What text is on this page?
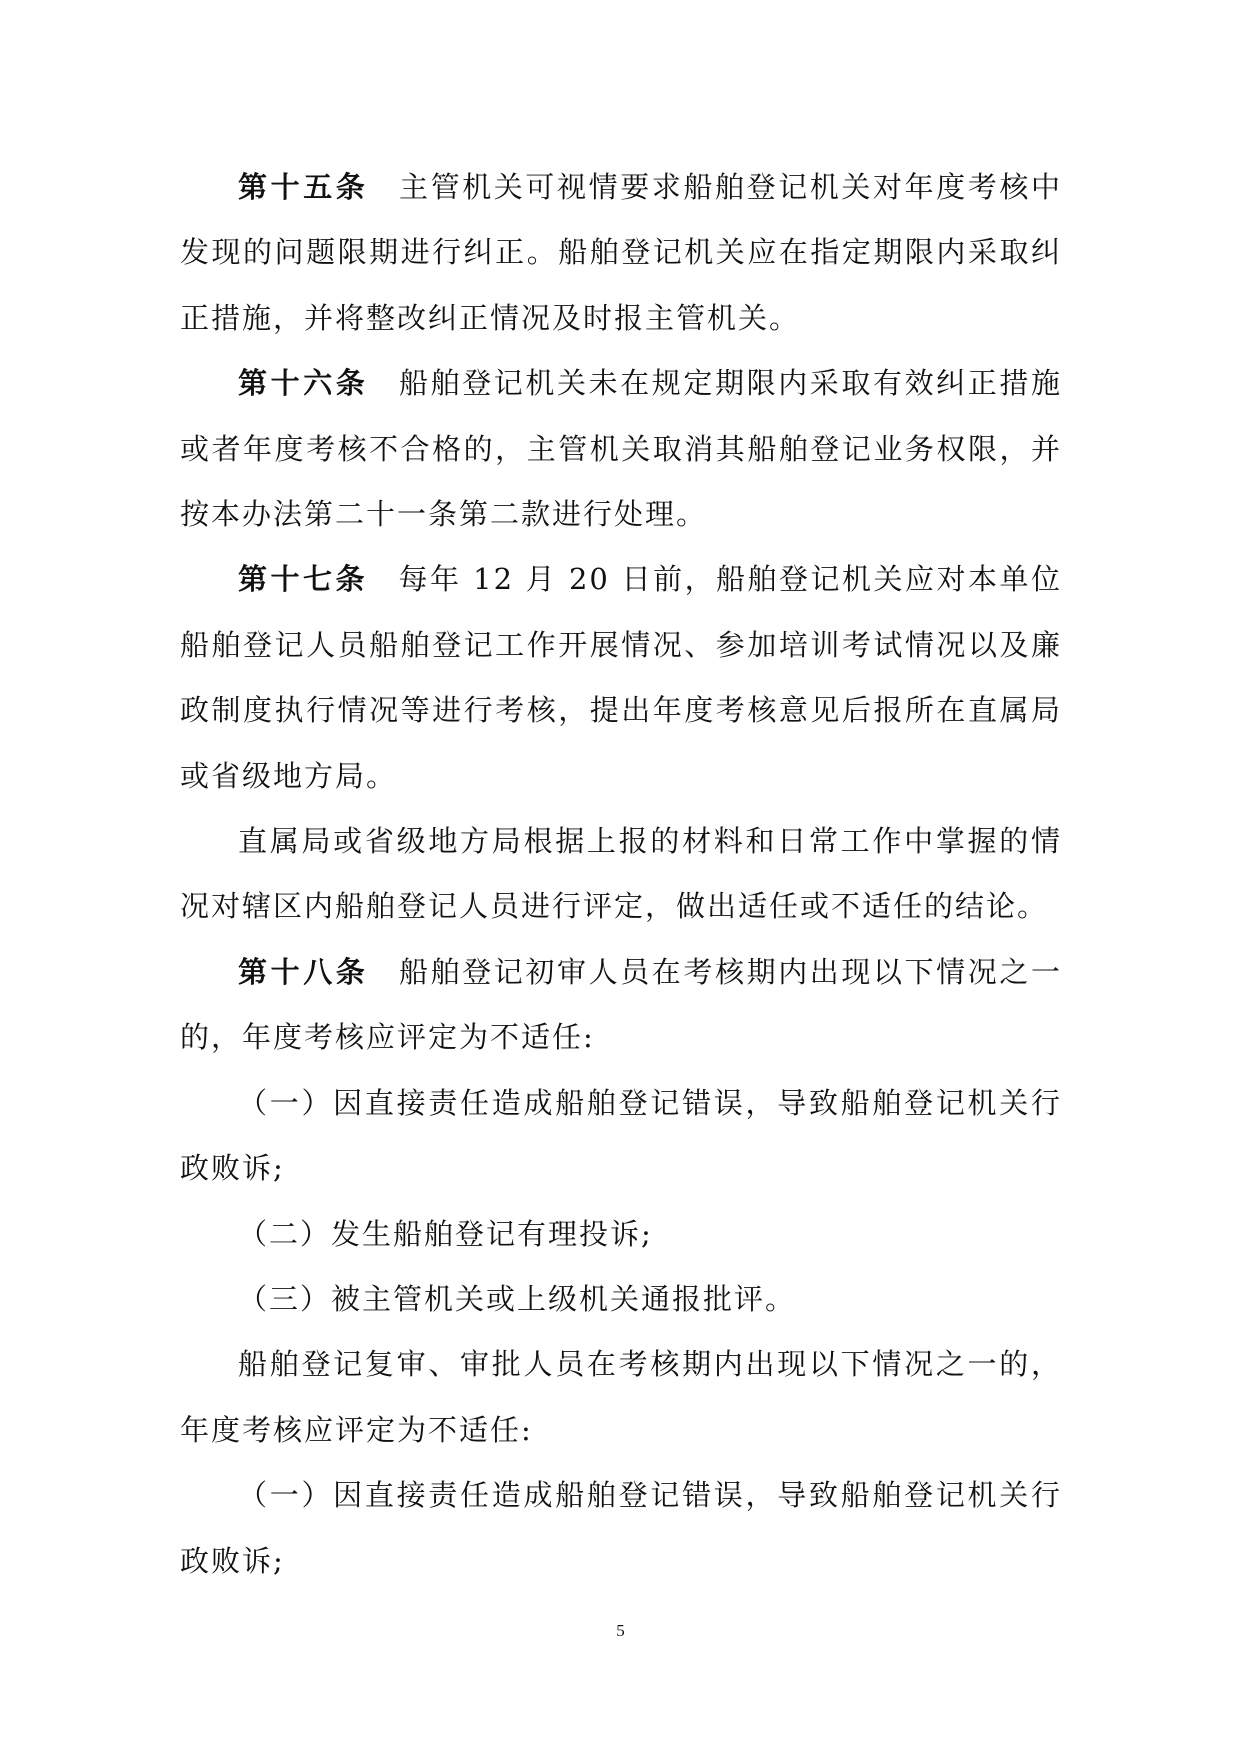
第十五条 主管机关可视情要求船舶登记机关对年度考核中发现的问题限期进行纠正。船舶登记机关应在指定期限内采取纠正措施，并将整改纠正情况及时报主管机关。

第十六条 船舶登记机关未在规定期限内采取有效纠正措施或者年度考核不合格的，主管机关取消其船舶登记业务权限，并按本办法第二十一条第二款进行处理。

第十七条 每年 12 月 20 日前，船舶登记机关应对本单位船舶登记人员船舶登记工作开展情况、参加培训考试情况以及廉政制度执行情况等进行考核，提出年度考核意见后报所在直属局或省级地方局。

直属局或省级地方局根据上报的材料和日常工作中掌握的情况对辖区内船舶登记人员进行评定，做出适任或不适任的结论。

第十八条 船舶登记初审人员在考核期内出现以下情况之一的，年度考核应评定为不适任:

（一）因直接责任造成船舶登记错误，导致船舶登记机关行政败诉;

（二）发生船舶登记有理投诉;

（三）被主管机关或上级机关通报批评。

船舶登记复审、审批人员在考核期内出现以下情况之一的，年度考核应评定为不适任:

（一）因直接责任造成船舶登记错误，导致船舶登记机关行政败诉;

5
